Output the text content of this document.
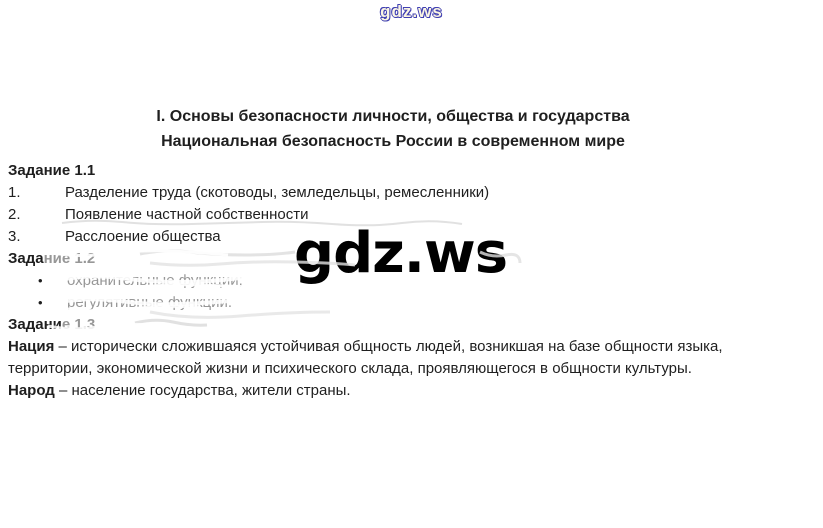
gdz.ws
I. Основы безопасности личности, общества и государства
Национальная безопасность России в современном мире
Задание 1.1
1.	Разделение труда (скотоводы, земледельцы, ремесленники)
2.	Появление частной собственности
3.	Расслоение общества
Задание 1.2
• охранительные функции;
• регулятивные функции.
Задание 1.3
Нация – исторически сложившаяся устойчивая общность людей, возникшая на базе общности языка, территории, экономической жизни и психического склада, проявляющегося в общности культуры.
Народ – население государства, жители страны.
gdz.ws
